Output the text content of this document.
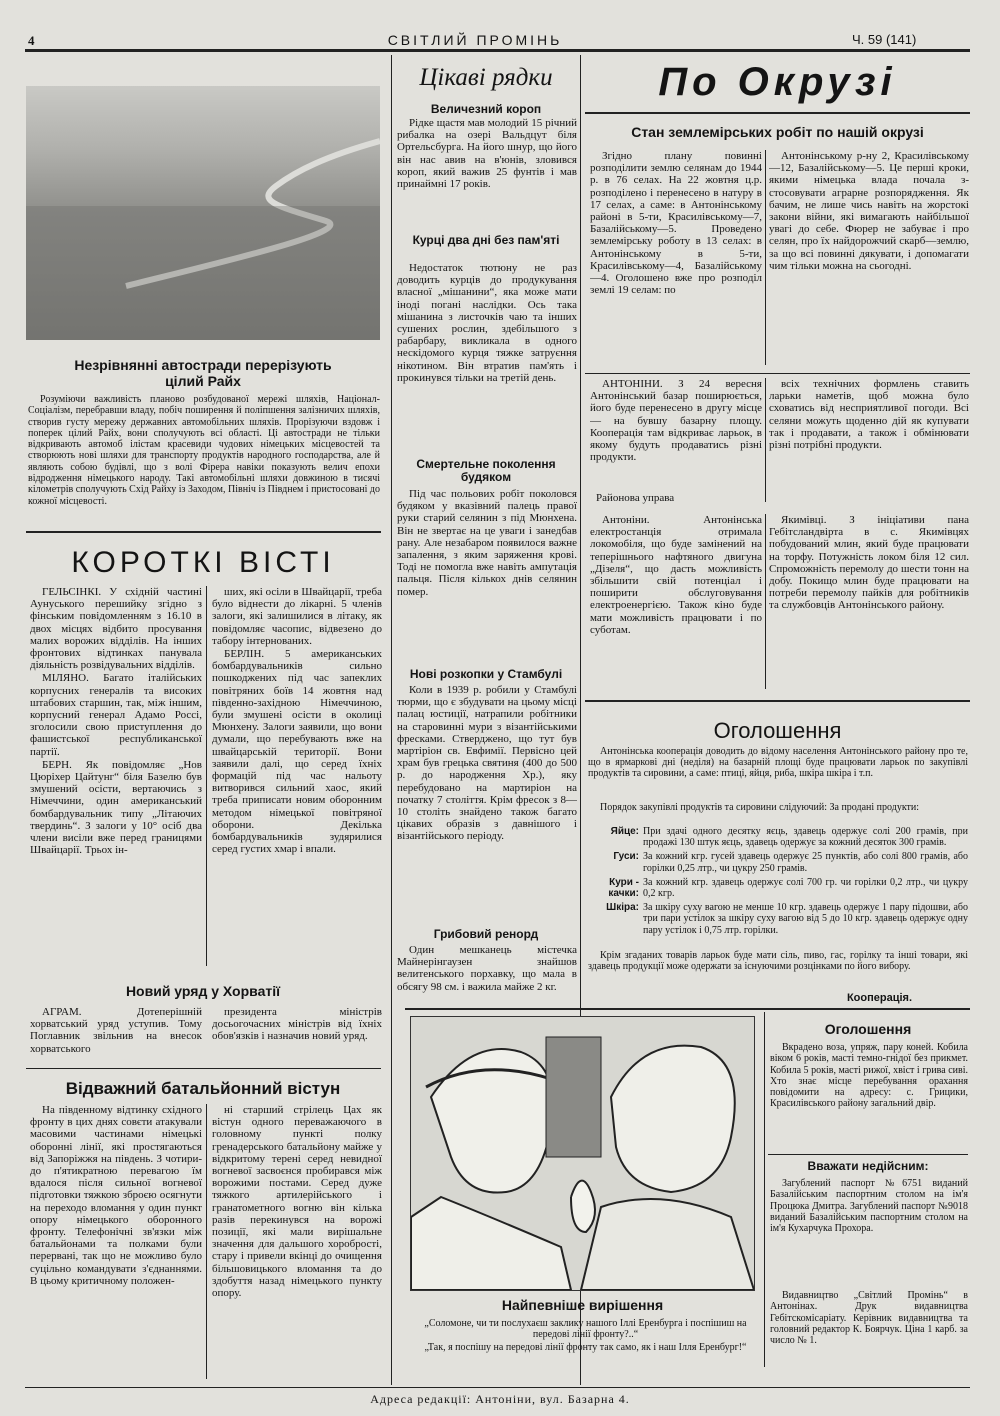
4	СВІТЛИЙ ПРОМІНЬ	Ч. 59 (141)
Незрівнянні автостради перерізують
цілий Райх

Розуміючи важливість планово розбудованої мережі шляхів, Націонал-Соціалізм, перебравши владу, побіч поширення й поліпшення залізничих шляхів, створив густу мережу державних автомобільних шляхів. Прорізуючи вздовж і поперек цілий Райх, вони сполучують всі області. Ці автостради не тільки відкривають автомоб ілістам красевиди чудових німецьких місцевостей та створюють нові шляхи для транспорту продуктів народного господарства, але й являють собою будівлі, що з волі Фірера навіки показують велич епохи відродження німецького народу. Такі автомобільні шляхи довжиною в тисячі кілометрів сполучують Схід Райху із Заходом, Північ із Півднем і пристосовані до кожної місцевості.

КОРОТКІ ВІСТІ

ГЕЛЬСІНКІ. У східній частині Аунуського перешийку згідно з фінським повідомленням з 16.10 в двох місцях відбито просування малих ворожих відділів. На інших фронтових відтинках панувала діяльність розвідувальних відділів.

МІЛЯНО. Багато італійських корпусних генералів та високих штабових старшин, так, між іншим, корпусний генерал Адамо Россі, зголосили свою приступлення до фашистської республиканської партії.

БЕРН. Як повідомляє „Нов Цюріхер Цайтунг“ біля Базелю був змушений осісти, вертаючись з Німеччини, один американський бомбардувальник типу „Літаючих твердинь“. З залоги у 10° осіб два члени висіли вже перед границями Швайцарії. Трьох ін-

ших, які осіли в Швайцарії, треба було віднести до лікарні. 5 членів залоги, які залишилися в літаку, як повідомляє часопис, відвезено до табору інтернованих.

БЕРЛІН. 5 американських бомбардувальників сильно пошкоджених під час запеклих повітряних боїв 14 жовтня над південно-західною Німеччиною, були змушені осісти в околиці Мюнхену. Залоги заявили, що вони думали, що перебувають вже на швайцарській території. Вони заявили далі, що серед їхніх формацій під час нальоту витворився сильний хаос, який треба приписати новим оборонним методом німецької повітряної оборони. Декілька бомбардувальників зудярилися серед густих хмар і впали.

Новий уряд у Хорватії

АГРАМ. Дотеперішній хорватський уряд уступив. Тому Поглавник звільнив на внесок хорватського

президента міністрів досьогочасних міністрів від їхніх обов'язків і назначив новий уряд.

Відважний батальйонний вістун

На південному відтинку східного фронту в цих днях совєти атакували масовими частинами німецькі оборонні лінії, які простягаються від Запоріжжя на південь. З чотири-до п'ятикратною перевагою їм вдалося після сильної вогневої підготовки тяжкою зброєю осягнути на переходо вломання у один пункт опору німецького оборонного фронту. Телефонічні зв'язки між батальйонами та полками були перервані, так що не можливо було суцільно командувати з'єднаннями. В цьому критичному положен-

ні старший стрілець Цах як вістун одного переважаючого в головному пункті полку гренадерського батальйону майже у відкритому терені серед невидної вогневої засвоєнся пробирався між ворожими постами. Серед дуже тяжкого артилерійського і гранатометного вогню він кілька разів перекинувся на ворожі позиції, які мали вирішальне значення для дальшого хоробрості, стару і привели вкінці до очищення більшовицького вломання та до здобуття назад німецького пункту опору.

Цікаві рядки
Величезний короп

Рідке щастя мав молодий 15 річний рибалка на озері Вальдцут біля Ортельсбурга. На його шнур, що його він нас авив на в'юнів, зловився короп, який важив 25 фунтів і мав принаймні 17 років.

Курці два дні без пам'яті

Недостаток тютюну не раз доводить курців до продукування власної „мішанини“, яка може мати іноді погані наслідки. Ось така мішанина з листочків чаю та інших сушених рослин, здебільшого з рабарбару, викликала в одного нескідомого курця тяжке затруєння нікотином. Він втратив пам'ять і прокинувся тільки на третій день.

Смертельне поколення будяком

Під час польових робіт поколовся будяком у вказівний палець правої руки старий селянин з під Мюнхена. Він не звертає на це уваги і занедбав рану. Але незабаром появилося важне запалення, з яким заряження крові. Тоді не помогла вже навіть ампутація пальця. Після кількох днів селянин помер.

Нові розкопки у Стамбулі

Коли в 1939 р. робили у Стамбулі тюрми, що є збудувати на цьому місці палац юстиції, натрапили робітники на старовинні мури з візантійськими фресками. Стверджено, що тут був мартіріон св. Евфимії. Первісно цей храм був грецька святиня (400 до 500 р. до народження Хр.), яку перебудовано на мартиріон на початку 7 століття. Крім фресок з 8—10 століть знайдено також багато цікавих образів з давнішого і візантійського періоду.

Грибовий ренорд

Один мешканець містечка Майнерінгаузен знайшов велитенського порхавку, що мала в обсягу 98 см. і важила майже 2 кг.

По Окрузі
Стан землемірських робіт по нашій окрузі

Згідно плану повинні розподілити землю селянам до 1944 р. в 76 селах. На 22 жовтня ц.р. розподілено і перенесено в натуру в 17 селах, а саме: в Антонінському районі в 5-ти, Красилівському—7, Базалійському—5. Проведено землемірську роботу в 13 селах: в Антонінському в 5-ти, Красилівському—4, Базалійському—4. Оголошено вже про розподіл землі 19 селам: по

Антонінському р-ну 2, Красилівському—12, Базалійському—5. Це перші кроки, якими німецька влада почала з-стосовувати аграрне розпорядження. Як бачим, не лише чись навіть на жорстокі закони війни, які вимагають найбільшої увагі до себе. Фюрер не забуває і про селян, про їх найдорожчий скарб—землю, за що всі повинні дякувати, і допомагати чим тільки можна на сьогодні.

АНТОНІНИ. З 24 вересня Антонінський базар поширюється, його буде перенесено в другу місце — на бувшу базарну площу. Кооперація там відкриває ларьок, в якому будуть продаватись різні продукти.

Районова управа

всіх технічних формлень ставить ларьки наметів, щоб можна було сховатись від несприятливої погоди. Всі селяни можуть щоденно дій як купувати так і продавати, а також і обмінювати різні потрібні продукти.

Антоніни. Антонінська електростанція отримала локомобіля, що буде замінений на теперішнього нафтяного двигуна „Дізеля“, що дасть можливість збільшити свій потенціал і поширити обслуговування електроенергією. Також кіно буде мати можливість працювати і по суботам.

Якимівці. З ініціативи пана Гебітсландвірта в с. Якимівцях побудований млин, який буде працювати на торфу. Потужність локом біля 12 сил. Спроможність перемолу до шести тонн на добу. Покищо млин буде працювати на потреби перемолу пайків для робітників та службовців Антонінського району.

Оголошення

Антонінська кооперація доводить до відому населення Антонінського району про те, що в ярмаркові дні (неділя) на базарній площі буде працювати ларьок по закупівлі продуктів та сировини, а саме: птиці, яйця, риба, шкіра шкіра і т.п.

Порядок закупівлі продуктів та сировини слідуючий: За продані продукти:

Яйце: При здачі одного десятку яєць, здавець одержує солі 200 грамів, при продажі 130 штук яєць, здавець одержує за кожний десяток 300 грамів.
Гуси: За кожний кгр. гусей здавець одержує 25 пунктів, або солі 800 грамів, або горілки 0,25 лтр., чи цукру 250 грамів.
Кури - качки:
За кожний кгр. здавець одержує солі 700 гр. чи горілки 0,2 лтр., чи цукру 0,2 кгр.
Шкіра: За шкіру суху вагою не менше 10 кгр. здавець одержує 1 пару підошви, або три пари устілок за шкіру суху вагою від 5 до 10 кгр. здавець одержує одну пару устілок і 0,75 лтр. горілки.

Крім згаданих товарів ларьок буде мати сіль, пиво, гас, горілку та інші товари, які здавець продукції може одержати за існуючими розцінками по його вибору.

Кооперація.
Найпевніше вирішення
„Соломоне, чи ти послухаєш заклику нашого Іллі Еренбурга і поспішиш на передові лінії фронту?..“
„Так, я поспішу на передові лінії фронту так само, як і наш Ілля Еренбург!“
Оголошення

Вкрадено воза, упряж, пару коней. Кобила віком 6 років, масті темно-гнідої без прикмет. Кобила 5 років, масті рижої, хвіст і грива сиві. Хто знає місце перебування орахання повідомити на адресу: с. Грицики, Красилівського району загальний двір.

Вважати недійсним:

Загублений паспорт №6751 виданий Базалійським паспортним столом на ім'я Процюка Дмитра. Загублений паспорт №9018 виданий Базалійським паспортним столом на ім'я Кухарчука Прохора.

Видавництво „Світлий Промінь“ в Антонінах. Друк видавництва Гебітскомісаріату. Керівник видавництва та головний редактор К. Боярчук. Ціна 1 карб. за число № 1.

Адреса редакції: Антоніни, вул. Базарна 4.
